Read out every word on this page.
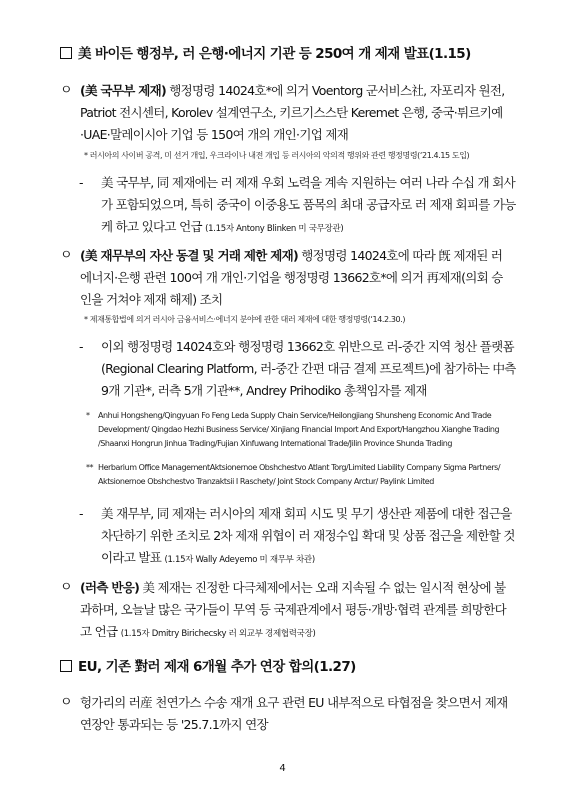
美 바이든 행정부, 러 은행·에너지 기관 등 250여 개 제재 발표(1.15)
ㅇ (美 국무부 제재) 행정명령 14024호*에 의거 Voentorg 군서비스社, 자포리자 원전, Patriot 전시센터, Korolev 설계연구소, 키르기스스탄 Keremet 은행, 중국·튀르키예·UAE·말레이시아 기업 등 150여 개의 개인·기업 제재
* 러시아의 사이버 공격, 미 선거 개입, 우크라이나 내전 개입 등 러시아의 악의적 행위와 관련 행정명령(‘21.4.15 도입)
- 美 국무부, 同 제재에는 러 제재 우회 노력을 계속 지원하는 여러 나라 수십 개 회사가 포함되었으며, 특히 중국이 이중용도 품목의 최대 공급자로 러 제재 회피를 가능케 하고 있다고 언급 (1.15자 Antony Blinken 미 국무장관)
ㅇ (美 재무부의 자산 동결 및 거래 제한 제재) 행정명령 14024호에 따라 旣 제재된 러 에너지·은행 관련 100여 개 개인·기업을 행정명령 13662호*에 의거 再제재(의회 승인을 거쳐야 제재 해제) 조치
* 제재통합법에 의거 러시아 금융서비스·에너지 분야에 관한 대러 제재에 대한 행정명령(‘14.2.30.)
- 이외 행정명령 14024호와 행정명령 13662호 위반으로 러-중간 지역 청산 플랫폼(Regional Clearing Platform, 러-중간 간편 대금 결제 프로젝트)에 참가하는 中측 9개 기관*, 러측 5개 기관**, Andrey Prihodiko 총책임자를 제재
* Anhui Hongsheng/Qingyuan Fo Feng Leda Supply Chain Service/Heilongjiang Shunsheng Economic And Trade Development/ Qingdao Hezhi Business Service/ Xinjiang Financial Import And Export/Hangzhou Xianghe Trading /Shaanxi Hongrun Jinhua Trading/Fujian Xinfuwang International Trade/Jilin Province Shunda Trading
** Herbarium Office ManagementAktsionernoe Obshchestvo Atlant Torg/Limited Liability Company Sigma Partners/ Aktsionernoe Obshchestvo Tranzaktsii I Raschety/ Joint Stock Company Arctur/ Paylink Limited
- 美 재무부, 同 제재는 러시아의 제재 회피 시도 및 무기 생산관 제품에 대한 접근을 차단하기 위한 조치로 2차 제재 위협이 러 재정수입 확대 및 상품 접근을 제한할 것이라고 발표 (1.15자 Wally Adeyemo 미 재무부 차관)
ㅇ (러측 반응) 美 제재는 진정한 다극체제에서는 오래 지속될 수 없는 일시적 현상에 불과하며, 오늘날 많은 국가들이 무역 등 국제관계에서 평등·개방·협력 관계를 희망한다고 언급 (1.15자 Dmitry Birichecsky 러 외교부 경제협력국장)
EU, 기존 對러 제재 6개월 추가 연장 합의(1.27)
ㅇ 헝가리의 러産 천연가스 수송 재개 요구 관련 EU 내부적으로 타협점을 찾으면서 제재 연장안 통과되는 등 '25.7.1까지 연장
4
